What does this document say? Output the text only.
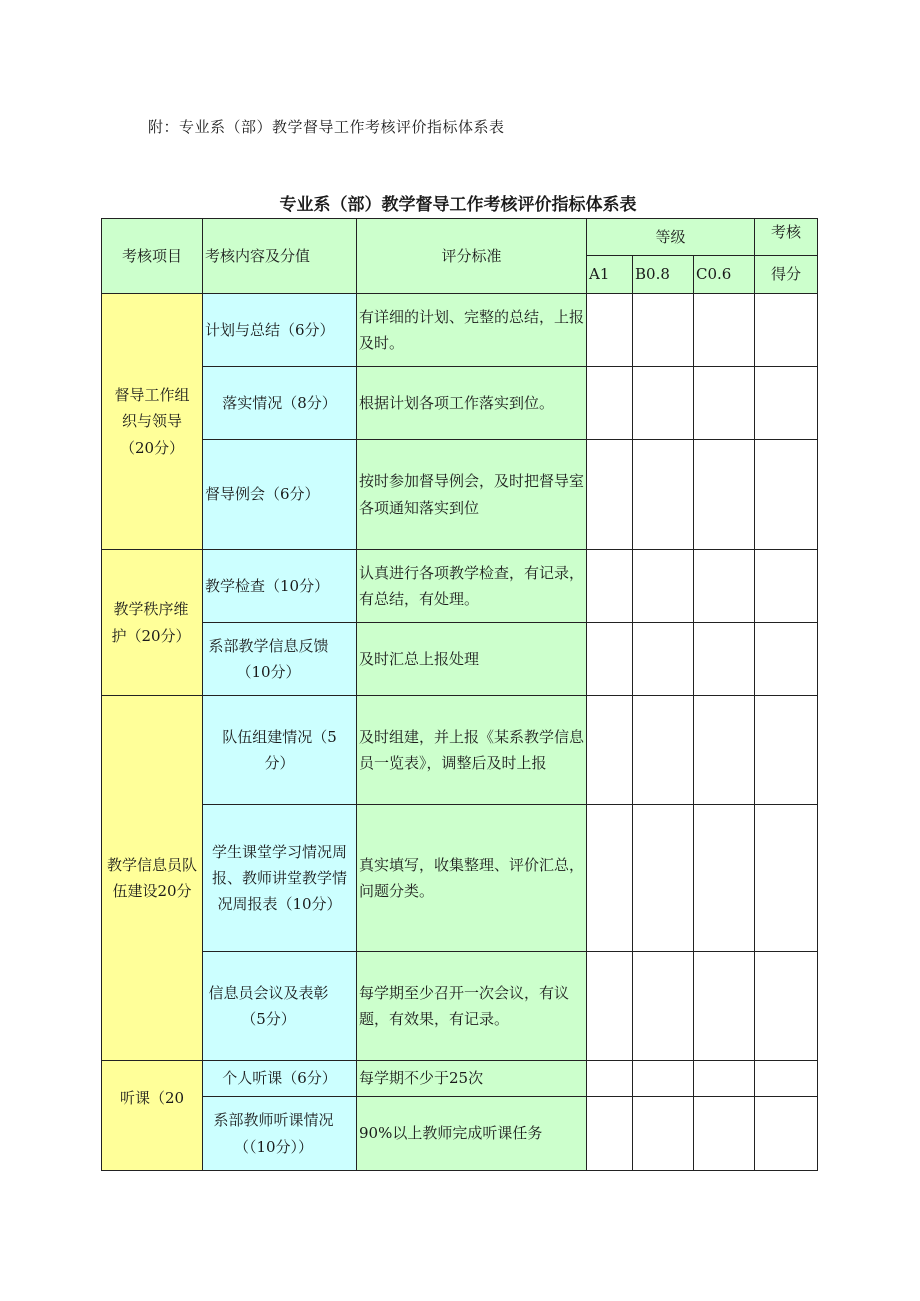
附：专业系（部）教学督导工作考核评价指标体系表
专业系（部）教学督导工作考核评价指标体系表
考核项目	考核内容及分值	评分标准	等级			考核
			A1	B0.8	C0.6	得分
督导工作组织与领导（20分）	计划与总结（6分）	有详细的计划、完整的总结，上报及时。				
	落实情况（8分）	根据计划各项工作落实到位。				
	督导例会（6分）	按时参加督导例会，及时把督导室各项通知落实到位				
教学秩序维护（20分）	教学检查（10分）	认真进行各项教学检查，有记录，有总结，有处理。				
	系部教学信息反馈（10分）	及时汇总上报处理				
教学信息员队伍建设20分	队伍组建情况（5分）	及时组建，并上报《某系教学信息员一览表》，调整后及时上报				
	学生课堂学习情况周报、教师讲堂教学情况周报表（10分）	真实填写，收集整理、评价汇总，问题分类。				
	信息员会议及表彰（5分）	每学期至少召开一次会议，有议题，有效果，有记录。				
听课（20	个人听课（6分）	每学期不少于25次				
	系部教师听课情况（（10分））	90%以上教师完成听课任务				
